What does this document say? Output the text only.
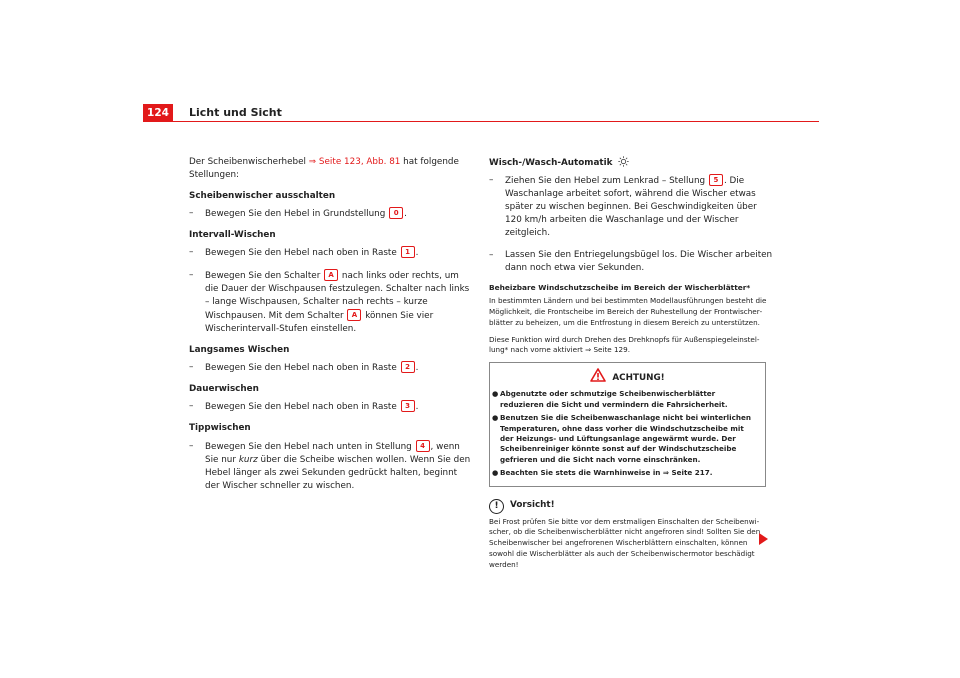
124	Licht und Sicht

Der Scheibenwischerhebel ⇒ Seite 123, Abb. 81 hat folgende Stellungen:

Scheibenwischer ausschalten
– Bewegen Sie den Hebel in Grundstellung 0 .
Intervall-Wischen
– Bewegen Sie den Hebel nach oben in Raste 1 .
– Bewegen Sie den Schalter A nach links oder rechts, um die Dauer der Wischpausen festzulegen. Schalter nach links – lange Wischpausen, Schalter nach rechts – kurze Wischpausen. Mit dem Schalter A können Sie vier Wischerintervall-Stufen einstellen.
Langsames Wischen
– Bewegen Sie den Hebel nach oben in Raste 2 .
Dauerwischen
– Bewegen Sie den Hebel nach oben in Raste 3 .
Tippwischen
– Bewegen Sie den Hebel nach unten in Stellung 4 , wenn Sie nur kurz über die Scheibe wischen wollen. Wenn Sie den Hebel länger als zwei Sekunden gedrückt halten, beginnt der Wischer schneller zu wischen.
Wisch-/Wasch-Automatik
– Ziehen Sie den Hebel zum Lenkrad – Stellung 5 . Die Waschanlage arbeitet sofort, während die Wischer etwas später zu wischen beginnen. Bei Geschwindigkeiten über 120 km/h arbeiten die Waschanlage und der Wischer zeitgleich.
– Lassen Sie den Entriegelungsbügel los. Die Wischer arbeiten dann noch etwa vier Sekunden.
Beheizbare Windschutzscheibe im Bereich der Wischerblätter*

In bestimmten Ländern und bei bestimmten Modellausführungen besteht die Möglichkeit, die Frontscheibe im Bereich der Ruhestellung der Frontwischerblätter zu beheizen, um die Entfrostung in diesem Bereich zu unterstützen.

Diese Funktion wird durch Drehen des Drehknopfs für Außenspiegeleinstellung* nach vorne aktiviert ⇒ Seite 129.

ACHTUNG!
● Abgenutzte oder schmutzige Scheibenwischerblätter reduzieren die Sicht und vermindern die Fahrsicherheit.
● Benutzen Sie die Scheibenwaschanlage nicht bei winterlichen Temperaturen, ohne dass vorher die Windschutzscheibe mit der Heizungs- und Lüftungsanlage angewärmt wurde. Der Scheibenreiniger könnte sonst auf der Windschutzscheibe gefrieren und die Sicht nach vorne einschränken.
● Beachten Sie stets die Warnhinweise in ⇒ Seite 217.
! Vorsicht!

Bei Frost prüfen Sie bitte vor dem erstmaligen Einschalten der Scheibenwischer, ob die Scheibenwischerblätter nicht angefroren sind! Sollten Sie den Scheibenwischer bei angefrorenen Wischerblättern einschalten, können sowohl die Wischerblätter als auch der Scheibenwischermotor beschädigt werden!
